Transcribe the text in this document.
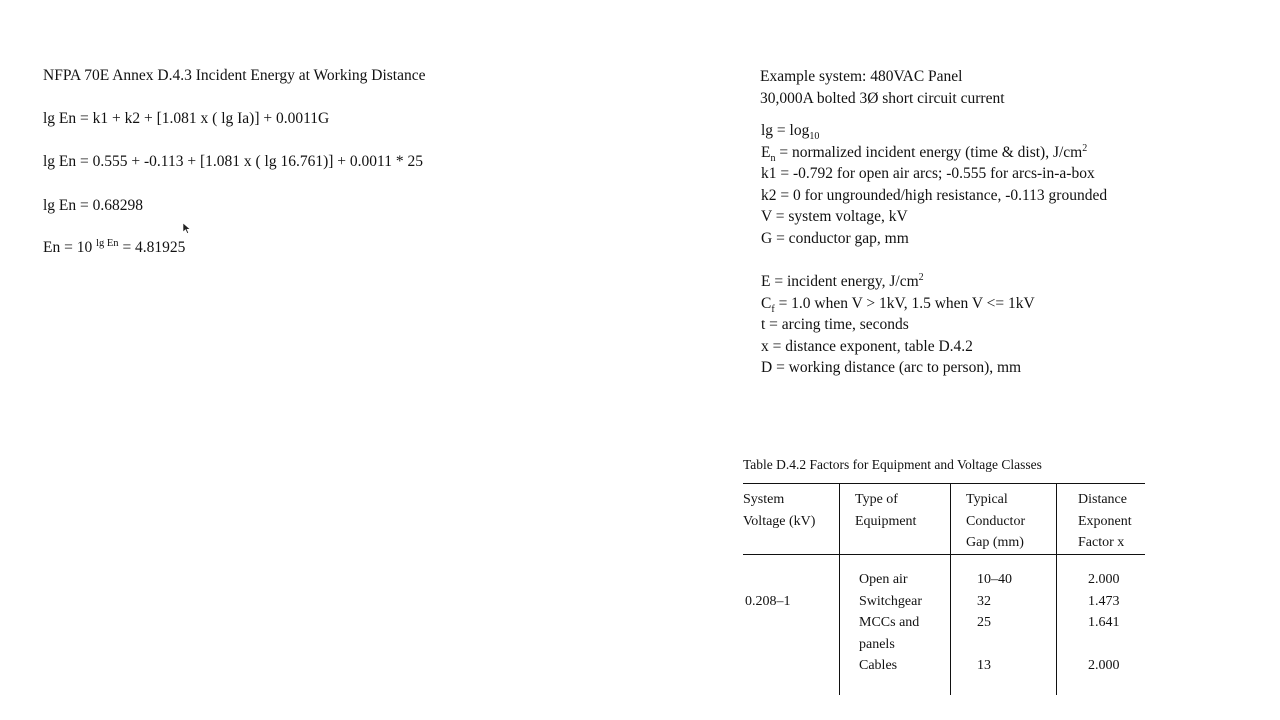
NFPA 70E Annex D.4.3 Incident Energy at Working Distance
lg En = k1 + k2 + [1.081 x ( lg Ia)] + 0.0011G
lg En = 0.555 + -0.113 + [1.081 x ( lg 16.761)] + 0.0011 * 25
lg En = 0.68298
En = 10 $^{lg En}$ = 4.81925
Example system: 480VAC Panel
30,000A bolted 3Ø short circuit current
$\lg = \log_{10}$
$E_n$ = normalized incident energy (time & dist), $J/cm^2$
k1 = -0.792 for open air arcs; -0.555 for arcs-in-a-box
k2 = 0 for ungrounded/high resistance, -0.113 grounded
V = system voltage, kV
G = conductor gap, mm
E = incident energy, $J/cm^2$
$C_f = 1.0$ when V > 1kV, 1.5 when V <= 1kV
t = arcing time, seconds
x = distance exponent, table D.4.2
D = working distance (arc to person), mm
Table D.4.2 Factors for Equipment and Voltage Classes
System
Voltage (kV)
Type of
Equipment
Typical
Conductor
Gap (mm)
Distance
Exponent
Factor x
0.208–1
Open air
Switchgear
MCCs and
panels
Cables
10–40
32
25
13
2.000
1.473
1.641
2.000
